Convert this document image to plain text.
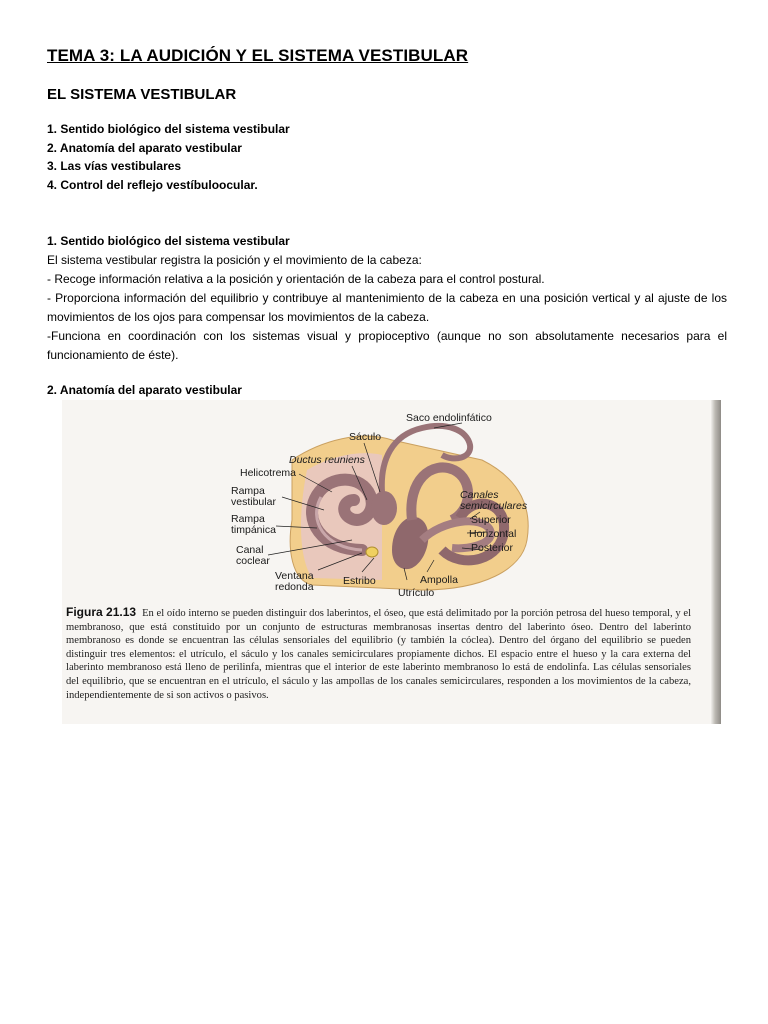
TEMA 3: LA AUDICIÓN Y EL SISTEMA VESTIBULAR
EL SISTEMA VESTIBULAR
1. Sentido biológico del sistema vestibular
2. Anatomía del aparato vestibular
3. Las vías vestibulares
4. Control del reflejo vestíbuloocular.

1. Sentido biológico del sistema vestibular

El sistema vestibular registra la posición y el movimiento de la cabeza:

- Recoge información relativa a la posición y orientación de la cabeza para el control postural.

- Proporciona información del equilibrio y contribuye al mantenimiento de la cabeza en una posición vertical y al ajuste de los movimientos de los ojos para compensar los movimientos de la cabeza.

-Funciona en coordinación con los sistemas visual y propioceptivo (aunque no son absolutamente necesarios para el funcionamiento de éste).

2. Anatomía del aparato vestibular

Saco endolinfático
Sáculo
Ductus reuniens
Helicotrema
Rampa
vestibular
Rampa
timpánica
Canal
coclear
Ventana
redonda	Estribo
Utrículo
Ampolla
Posterior
Horizontal
Superior
Canales
semicirculares
Figura 21.13 En el oído interno se pueden distinguir dos laberintos, el óseo, que está delimitado por la porción petrosa del hueso temporal, y el membranoso, que está constituido por un conjunto de estructuras membranosas insertas dentro del laberinto óseo. Dentro del laberinto membranoso es donde se encuentran las células sensoriales del equilibrio (y también la cóclea). Dentro del órgano del equilibrio se pueden distinguir tres elementos: el utrículo, el sáculo y los canales semicirculares propiamente dichos. El espacio entre el hueso y la cara externa del laberinto membranoso está lleno de perilinfa, mientras que el interior de este laberinto membranoso lo está de endolinfa. Las células sensoriales del equilibrio, que se encuentran en el utrículo, el sáculo y las ampollas de los canales semicirculares, responden a los movimientos de la cabeza, independientemente de si son activos o pasivos.
